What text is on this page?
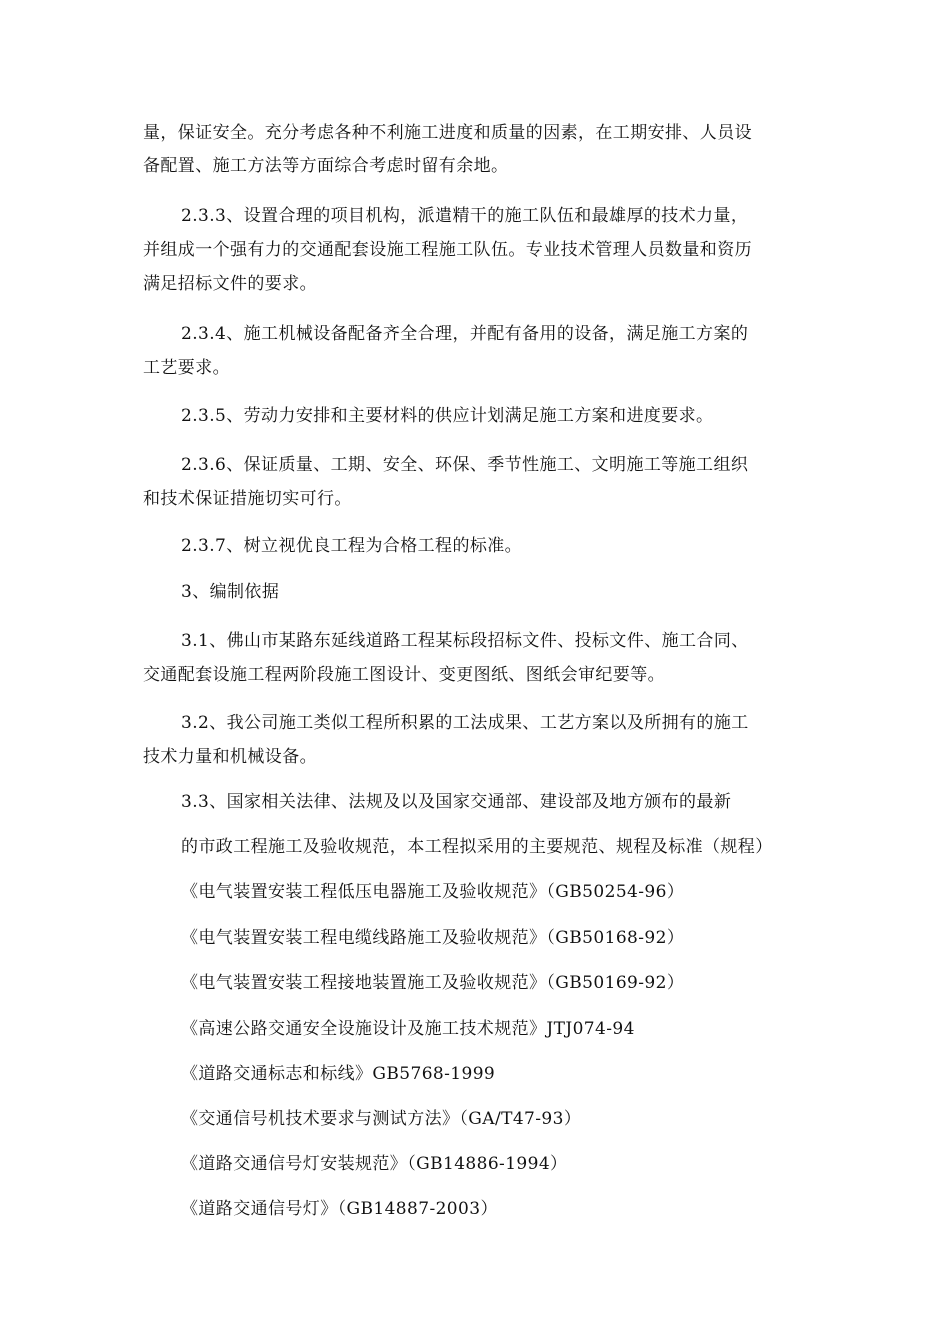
量，保证安全。充分考虑各种不利施工进度和质量的因素，在工期安排、人员设
备配置、施工方法等方面综合考虑时留有余地。
2.3.3、设置合理的项目机构，派遣精干的施工队伍和最雄厚的技术力量，
并组成一个强有力的交通配套设施工程施工队伍。专业技术管理人员数量和资历
满足招标文件的要求。
2.3.4、施工机械设备配备齐全合理，并配有备用的设备，满足施工方案的
工艺要求。
2.3.5、劳动力安排和主要材料的供应计划满足施工方案和进度要求。
2.3.6、保证质量、工期、安全、环保、季节性施工、文明施工等施工组织
和技术保证措施切实可行。
2.3.7、树立视优良工程为合格工程的标准。
3、编制依据
3.1、佛山市某路东延线道路工程某标段招标文件、投标文件、施工合同、
交通配套设施工程两阶段施工图设计、变更图纸、图纸会审纪要等。
3.2、我公司施工类似工程所积累的工法成果、工艺方案以及所拥有的施工
技术力量和机械设备。
3.3、国家相关法律、法规及以及国家交通部、建设部及地方颁布的最新
的市政工程施工及验收规范，本工程拟采用的主要规范、规程及标准（规程）
《电气装置安装工程低压电器施工及验收规范》（GB50254-96）
《电气装置安装工程电缆线路施工及验收规范》（GB50168-92）
《电气装置安装工程接地装置施工及验收规范》（GB50169-92）
《高速公路交通安全设施设计及施工技术规范》JTJ074-94
《道路交通标志和标线》GB5768-1999
《交通信号机技术要求与测试方法》（GA/T47-93）
《道路交通信号灯安装规范》（GB14886-1994）
《道路交通信号灯》（GB14887-2003）
